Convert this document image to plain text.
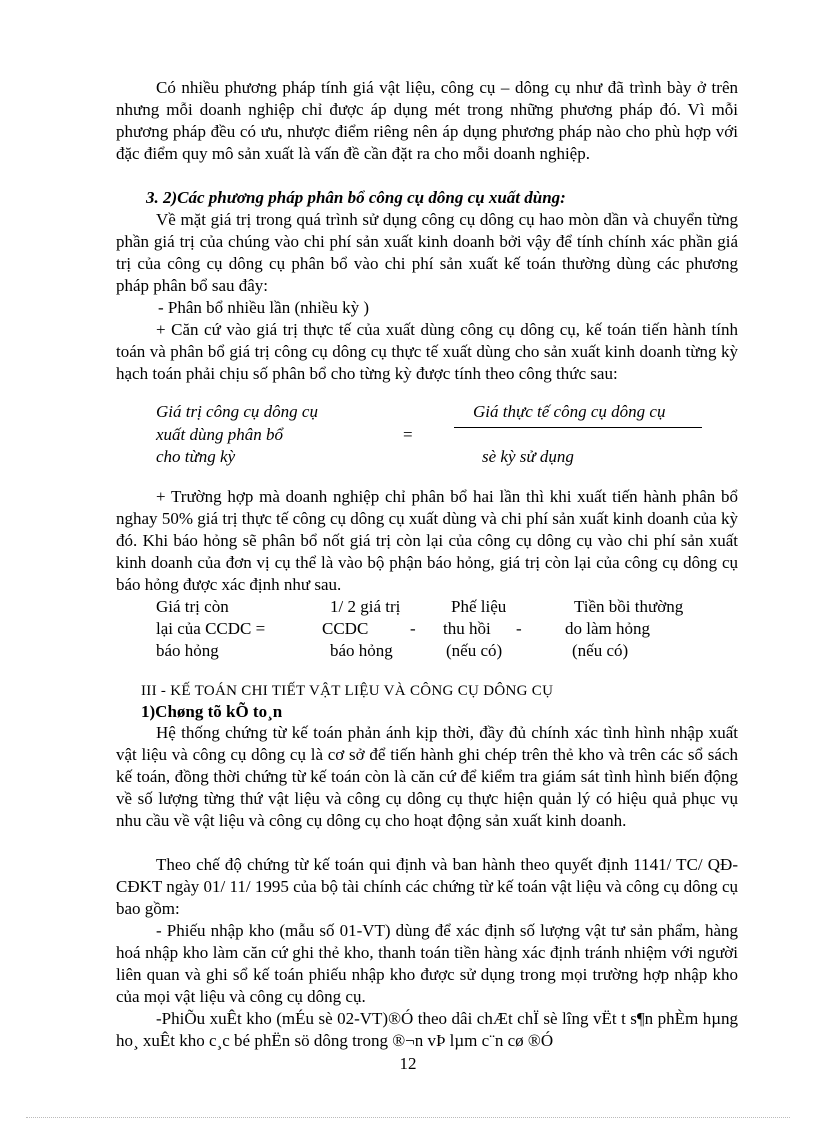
Có nhiều phương pháp tính giá vật liệu, công cụ – dông cụ như đã trình bày ở trên nhưng mỗi doanh nghiệp chỉ được áp dụng mét trong những phương pháp đó. Vì mỗi phương pháp đều có ưu, nhược điểm riêng nên áp dụng phương pháp nào cho phù hợp với đặc điểm quy mô sản xuất là vấn đề cần đặt ra cho mỗi doanh nghiệp.

3. 2)Các phương pháp phân bổ công cụ dông cụ xuất dùng:

Về mặt giá trị trong quá trình sử dụng công cụ dông cụ hao mòn dần và chuyển từng phần giá trị của chúng vào chi phí sản xuất kinh doanh bởi vậy để tính chính xác phần giá trị của công cụ dông cụ phân bổ vào chi phí sản xuất kế toán thường dùng các phương pháp phân bổ sau đây:

- Phân bổ nhiều lần (nhiều kỳ )

+ Căn cứ vào giá trị thực tế của xuất dùng công cụ dông cụ, kế toán tiến hành tính toán và phân bổ giá trị công cụ dông cụ thực tế xuất dùng cho sản xuất kinh doanh từng kỳ hạch toán phải chịu số phân bổ cho từng kỳ được tính theo công thức sau:

Giá trị công cụ dông cụ
xuất dùng phân bổ
cho từng kỳ
=
Giá thực tế công cụ dông cụ
sè kỳ sử dụng

+ Trường hợp mà doanh nghiệp chỉ phân bổ hai lần thì khi xuất tiến hành phân bổ nghay 50% giá trị thực tế công cụ dông cụ xuất dùng và chi phí sản xuất kinh doanh của kỳ đó. Khi báo hỏng sẽ phân bổ nốt giá trị còn lại của công cụ dông cụ vào chi phí sản xuất kinh doanh của đơn vị cụ thể là vào bộ phận báo hỏng, giá trị còn lại của công cụ dông cụ báo hỏng được xác định như sau.

Giá trị còn	1/ 2 giá trị	Phế liệu	Tiền bồi thường
lại của CCDC =	CCDC - thu hồi -	do làm hỏng
báo hỏng	báo hỏng	(nếu có)	(nếu có)
III - KẾ TOÁN CHI TIẾT VẬT LIỆU VÀ CÔNG CỤ DÔNG CỤ
1)Chøng tõ kÕ to¸n

Hệ thống chứng từ kế toán phản ánh kịp thời, đầy đủ chính xác tình hình nhập xuất vật liệu và công cụ dông cụ là cơ sở để tiến hành ghi chép trên thẻ kho và trên các sổ sách kế toán, đồng thời chứng từ kế toán còn là căn cứ để kiểm tra giám sát tình hình biến động về số lượng từng thứ vật liệu và công cụ dông cụ thực hiện quản lý có hiệu quả phục vụ nhu cầu về vật liệu và công cụ dông cụ cho hoạt động sản xuất kinh doanh.

Theo chế độ chứng từ kế toán qui định và ban hành theo quyết định 1141/ TC/ QĐ-CĐKT ngày 01/ 11/ 1995 của bộ tài chính các chứng từ kế toán vật liệu và công cụ dông cụ bao gồm:

- Phiếu nhập kho (mẫu số 01-VT) dùng để xác định số lượng vật tư sản phẩm, hàng hoá nhập kho làm căn cứ ghi thẻ kho, thanh toán tiền hàng xác định tránh nhiệm với người liên quan và ghi sổ kế toán phiếu nhập kho được sử dụng trong mọi trường hợp nhập kho của mọi vật liệu và công cụ dông cụ.

-PhiÕu xuÊt kho (mÉu sè 02-VT)®Ó theo dâi chÆt chÏ sè lîng vËt t s¶n phÈm hµng ho¸ xuÊt kho c¸c bé phËn sö dông trong ®¬n vÞ lµm c¨n cø ®Ó

12
